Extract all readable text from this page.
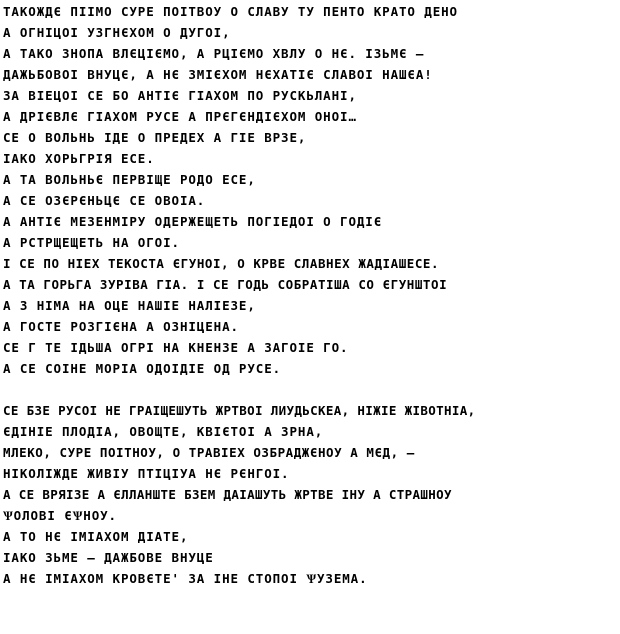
ТАКОЖДЄ ПІІМО СУРЕ ПОІТВОУ О СЛАВУ ТУ ПЕНТО КРАТО ДЕНО
А ОГНІЦОІ УЗГНЄХОМ О ДУГОІ,
А ТАКО ЗНОПА ВЛЄЦІЄМО, А РЦІЄМО ХВЛУ О НЄ. ІЗЬМЄ —
ДАЖЬБОВОІ ВНУЦЄ, А НЄ ЗМІЄХОМ НЄХАТІЄ СЛАВОІ НАШЄА!
ЗА ВІЕЦОІ СЕ БО АНТІЄ ГІАХОМ ПО РУСКЬЛАНІ,
А ДРІЄВЛЄ ГІАХОМ РУСЕ А ПРЄГЄНДІЄХОМ ОНОІ…
СЕ О ВОЛЬНЬ ІДЕ О ПРЕДЕХ А ГІЕ ВРЗЕ,
ІАКО ХОРЬГРІЯ ЕСЕ.
А ТА ВОЛЬНЬЄ ПЕРВІЩЕ РОДО ЕСЕ,
А СЕ ОЗЄРЄНЬЦЄ СЕ ОВОІА.
А АНТІЄ МЕЗЕНМІРУ ОДЕРЖЕЩЕТЬ ПОГІЕДОІ О ГОДІЄ
А РСТРЩЕЩЕТЬ НА ОГОІ.
І СЕ ПО НІЕХ ТЕКОСТА ЄГУНОІ, О КРВЕ СЛАВНЕХ ЖАДІАШЕСЕ.
А ТА ГОРЬГА ЗУРІВА ГІА. І СЕ ГОДЬ СОБРАТІША СО ЄГУНШТОІ
А З НІМА НА ОЦЕ НАШІЕ НАЛІЕЗЕ,
А ГОСТЕ РОЗГІЄНА А ОЗНІЦЕНА.
СЕ Г ТЕ ІДЬША ОГРІ НА КНЕНЗЕ А ЗАГОІЕ ГО.
А СЕ СОІНЕ МОРІА ОДОІДІЕ ОД РУСЕ.
СЕ БЗЕ РУСОІ НЕ ГРАІЩЕШУТЬ ЖРТВОІ ЛИУДЬСКЕА, НІЖІЕ ЖІВОТНІА,
ЄДІНІЕ ПЛОДІА, ОВОЩТЕ, КВІЄТОІ А ЗРНА,
МЛЕКО, СУРЕ ПОІТНОУ, О ТРАВІЕХ ОЗБРАДЖЄНОУ А МЄД, —
НІКОЛІЖДЕ ЖИВІУ ПТІЦІУА НЄ РЄНГОІ.
А СЕ ВРЯІЗЕ А ЄЛЛАНШТЕ БЗЕМ ДАІАШУТЬ ЖРТВЕ ІНУ А СТРАШНОУ
ѰОЛОВІ ЄѰНОУ.
А ТО НЄ ІМІАХОМ ДІАТЕ,
ІАКО ЗЬМЕ — ДАЖБОВЕ ВНУЦЕ
А НЄ ІМІАХОМ КРОВЄТЕ' ЗА ІНЕ СТОПОІ ѰУЗЕМА.
